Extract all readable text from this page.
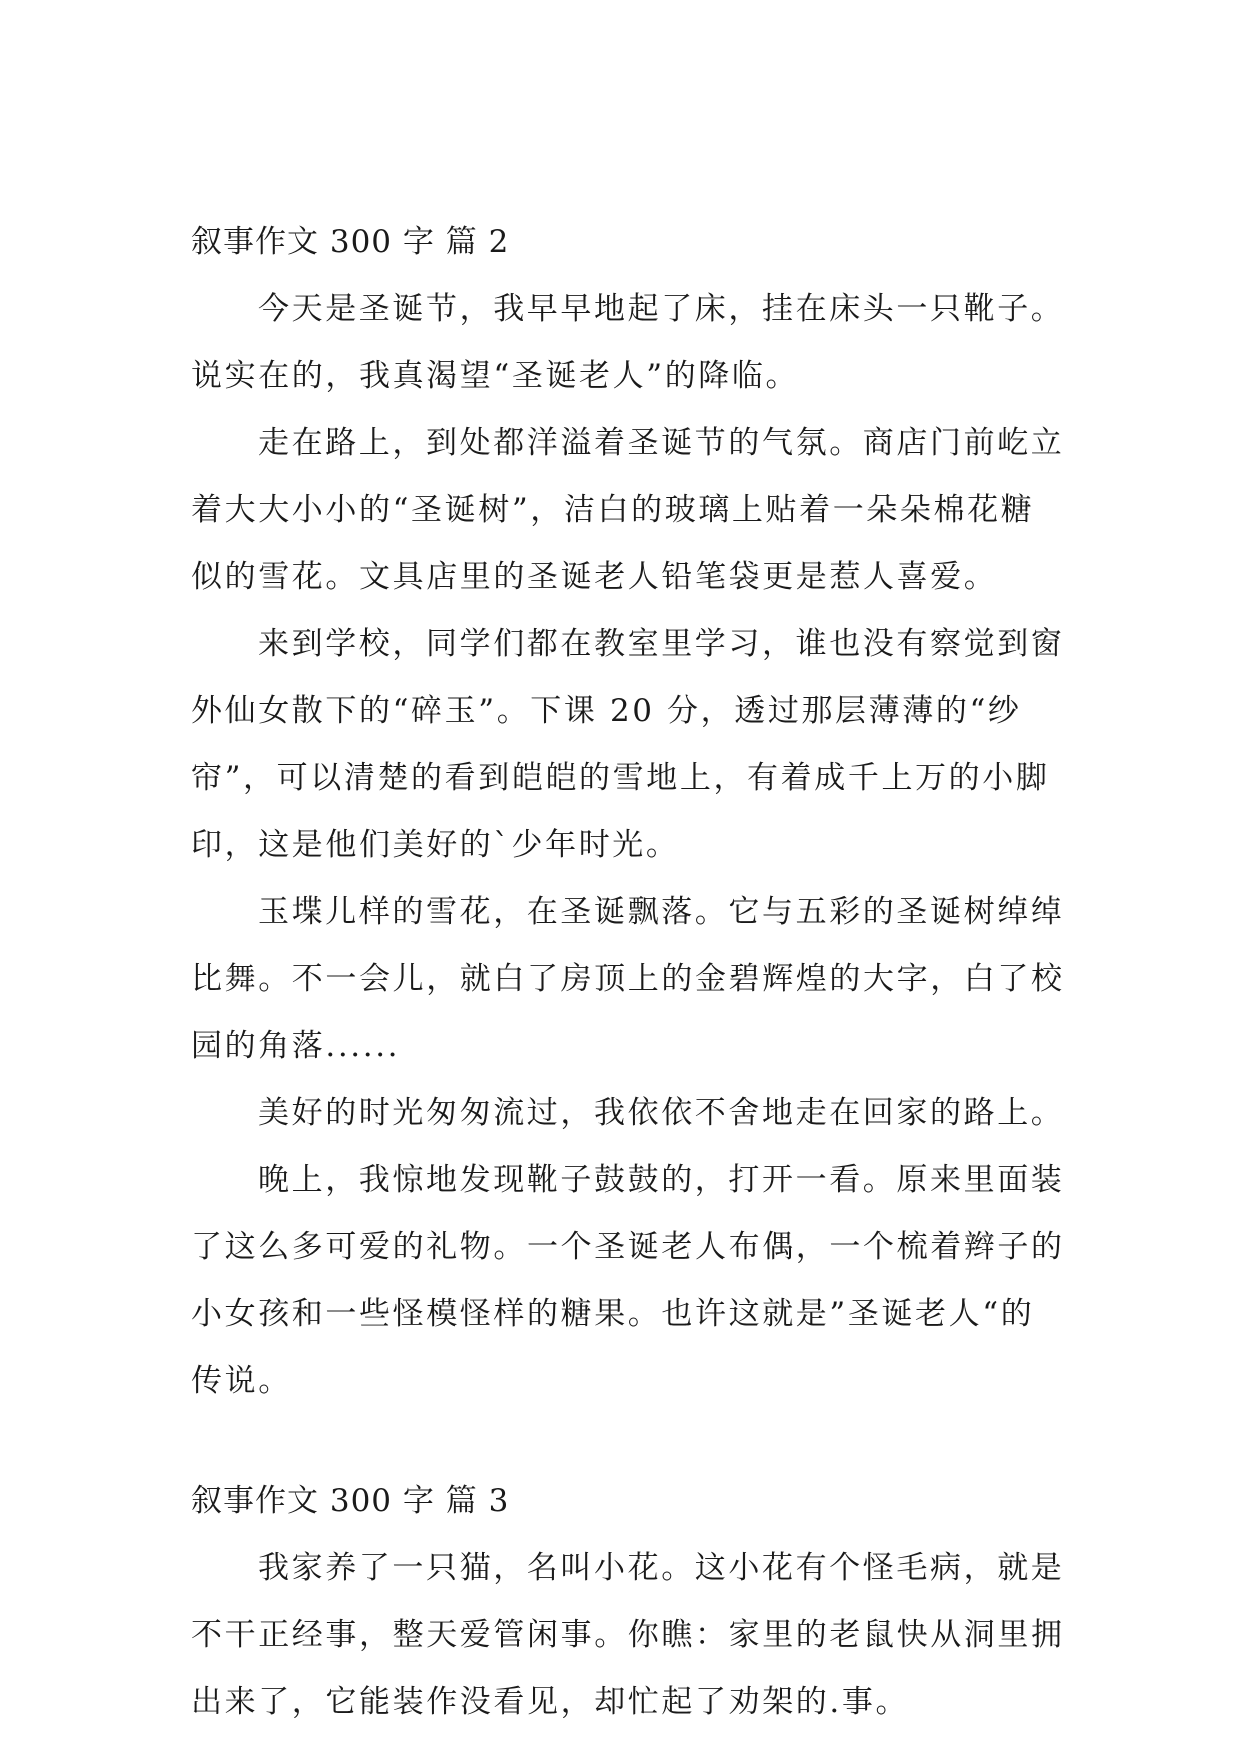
叙事作文 300 字 篇 2

今天是圣诞节，我早早地起了床，挂在床头一只靴子。

说实在的，我真渴望“圣诞老人”的降临。

走在路上，到处都洋溢着圣诞节的气氛。商店门前屹立

着大大小小的“圣诞树”，洁白的玻璃上贴着一朵朵棉花糖

似的雪花。文具店里的圣诞老人铅笔袋更是惹人喜爱。

来到学校，同学们都在教室里学习，谁也没有察觉到窗

外仙女散下的“碎玉”。下课 20 分，透过那层薄薄的“纱

帘”，可以清楚的看到皑皑的雪地上，有着成千上万的小脚

印，这是他们美好的`少年时光。

玉堞儿样的雪花，在圣诞飘落。它与五彩的圣诞树绰绰

比舞。不一会儿，就白了房顶上的金碧辉煌的大字，白了校

园的角落......

美好的时光匆匆流过，我依依不舍地走在回家的路上。

晚上，我惊地发现靴子鼓鼓的，打开一看。原来里面装

了这么多可爱的礼物。一个圣诞老人布偶，一个梳着辫子的

小女孩和一些怪模怪样的糖果。也许这就是”圣诞老人“的

传说。

叙事作文 300 字 篇 3

我家养了一只猫，名叫小花。这小花有个怪毛病，就是

不干正经事，整天爱管闲事。你瞧：家里的老鼠快从洞里拥

出来了，它能装作没看见，却忙起了劝架的.事。
